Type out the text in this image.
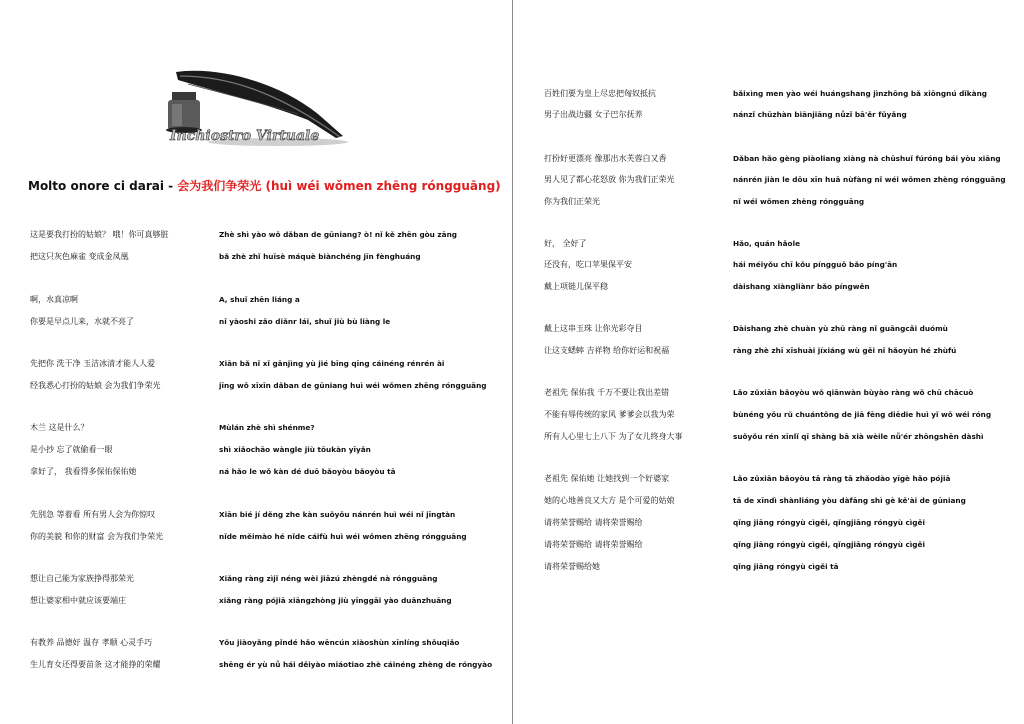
Inchiostro Virtuale
Molto onore ci darai - 会为我们争荣光 (huì wéi wǒmen zhēng róngguāng)
这是要我打扮的姑娘？ 哦！你可真够脏	Zhè shì yào wǒ dǎban de gūniang? ò! nǐ kě zhēn gòu zāng
把这只灰色麻雀 变成金凤凰	bǎ zhè zhǐ huīsè máquè biànchéng jīn fènghuáng
啊，水真凉啊	A, shuǐ zhēn liáng a
你要是早点儿来，水就不亮了	nǐ yàoshi zǎo diǎnr lái, shuǐ jiù bù liàng le
先把你 洗干净 玉洁冰清才能人人爱	Xiān bǎ nǐ xǐ gānjìng yù jié bīng qīng cáinéng rénrén ài
经我悉心打扮的姑娘 会为我们争荣光	jīng wǒ xīxīn dǎban de gūniang huì wéi wǒmen zhēng róngguāng
木兰 这是什么？	Mùlán zhè shì shénme?
是小抄 忘了就偷看一眼	shì xiǎochāo wàngle jiù tōukàn yīyǎn
拿好了， 我看得多保佑保佑她	ná hǎo le wǒ kàn dé duō bǎoyòu bǎoyòu tā
先别急 等着看 所有男人会为你惊叹	Xiān bié jí děng zhe kàn suǒyǒu nánrén huì wéi nǐ jīngtàn
你的美貌 和你的财富 会为我们争荣光	nǐde měimào hé nǐde cáifù huì wéi wǒmen zhēng róngguāng
想让自己能为家族挣得那荣光	Xiǎng ràng zìjǐ néng wèi jiāzú zhèngdé nà róngguāng
想让婆家相中就应该要端庄	xiǎng ràng pójiā xiāngzhòng jiù yīnggāi yào duānzhuāng
有教养 品德好 温存 孝顺 心灵手巧	Yǒu jiàoyǎng pǐndé hǎo wēncún xiàoshùn xīnlíng shǒuqiǎo
生儿育女还得要苗条 这才能挣的荣耀	shēng ér yù nǚ hái děiyào miáotiao zhè cáinéng zhèng de róngyào
百姓们要为皇上尽忠把匈奴抵抗	bǎixìng men yào wéi huángshang jìnzhōng bǎ xiōngnú dǐkàng
男子出战边疆 女子巴尔抚养	nánzǐ chūzhàn biānjiāng nǚzǐ bā'ěr fǔyǎng
打扮好更漂亮 像那出水芙蓉白又香	Dǎban hǎo gèng piàoliang xiàng nà chūshuǐ fúróng bái yòu xiāng
男人见了都心花怒放 你为我们正荣光	nánrén jiàn le dōu xīn huā nùfàng nǐ wéi wǒmen zhèng róngguāng
你为我们正荣光	nǐ wéi wǒmen zhèng róngguāng
好， 全好了	Hǎo, quán hǎole
还没有，吃口苹果保平安	hái méiyǒu chī kǒu píngguǒ bǎo píng'ān
戴上项链儿保平稳	dàishang xiàngliànr bǎo píngwěn
戴上这串玉珠 让你光彩夺目	Dàishang zhè chuàn yù zhū ràng nǐ guāngcǎi duómù
让这支蟋蟀 吉祥物 给你好运和祝福	ràng zhè zhī xīshuài jíxiáng wù gěi nǐ hǎoyùn hé zhùfú
老祖先 保佑我 千万不要让我出差错	Lǎo zǔxiān bǎoyòu wǒ qiānwàn bùyào ràng wǒ chū chācuò
不能有辱传统的家风 爹爹会以我为荣	bùnéng yǒu rǔ chuántǒng de jiā fēng diēdie huì yǐ wǒ wéi róng
所有人心里七上八下 为了女儿终身大事	suǒyǒu rén xīnlǐ qī shàng bā xià wèile nǚ'ér zhōngshēn dàshì
老祖先 保佑她 让她找到一个好婆家	Lǎo zǔxiān bǎoyòu tā ràng tā zhǎodào yīgè hǎo pójiā
她的心地善良又大方 是个可爱的姑娘	tā de xīndì shànliáng yòu dàfāng shì gè kě'ài de gūniang
请将荣誉赐给 请将荣誉赐给	qǐng jiāng róngyù cìgěi, qǐngjiāng róngyù cìgěi
请将荣誉赐给 请将荣誉赐给	qǐng jiāng róngyù cìgěi, qǐngjiāng róngyù cìgěi
请将荣誉赐给她	qǐng jiāng róngyù cìgěi tā
